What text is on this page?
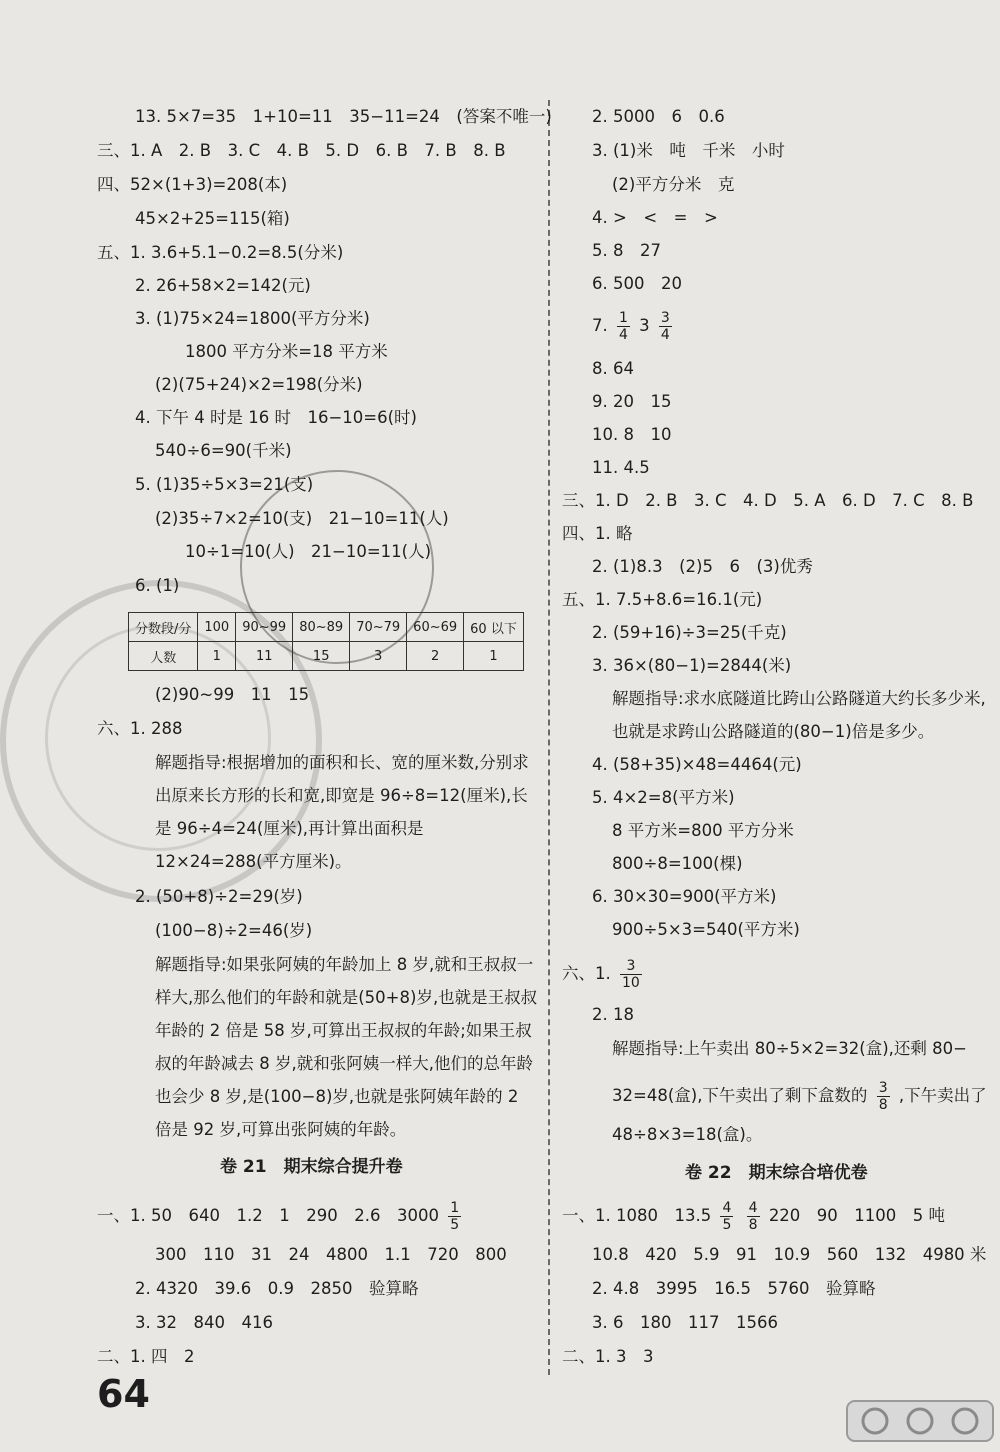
13. 5×7=35　1+10=11　35−11=24　(答案不唯一)
三、1. A　2. B　3. C　4. B　5. D　6. B　7. B　8. B
四、52×(1+3)=208(本)
45×2+25=115(箱)
五、1. 3.6+5.1−0.2=8.5(分米)
2. 26+58×2=142(元)
3. (1)75×24=1800(平方分米)
1800 平方分米=18 平方米
(2)(75+24)×2=198(分米)
4. 下午 4 时是 16 时　16−10=6(时)
540÷6=90(千米)
5. (1)35÷5×3=21(支)
(2)35÷7×2=10(支)　21−10=11(人)
10÷1=10(人)　21−10=11(人)
6. (1)
分数段/分	100	90~99	80~89	70~79	60~69	60 以下
人数	1	11	15	3	2	1
(2)90~99　11　15
六、1. 288
解题指导:根据增加的面积和长、宽的厘米数,分别求出原来长方形的长和宽,即宽是 96÷8=12(厘米),长是 96÷4=24(厘米),再计算出面积是 12×24=288(平方厘米)。
2. (50+8)÷2=29(岁)
(100−8)÷2=46(岁)
解题指导:如果张阿姨的年龄加上 8 岁,就和王叔叔一样大,那么他们的年龄和就是(50+8)岁,也就是王叔叔年龄的 2 倍是 58 岁,可算出王叔叔的年龄;如果王叔叔的年龄减去 8 岁,就和张阿姨一样大,他们的总年龄也会少 8 岁,是(100−8)岁,也就是张阿姨年龄的 2 倍是 92 岁,可算出张阿姨的年龄。
卷 21　期末综合提升卷
一、1. 50　640　1.2　1　290　2.6　$3000 \frac{1}{5}$
300　110　31　24　4800　1.1　720　800
2. 4320　39.6　0.9　2850　验算略
3. 32　840　416
二、1. 四　2
64
2. 5000　6　0.6
3. (1)米　吨　千米　小时
(2)平方分米　克
4. >　<　=　>
5. 8　27
6. 500　20
7. $\frac{1}{4} 3 \frac{3}{4}$
8. 64
9. 20　15
10. 8　10
11. 4.5
三、1. D　2. B　3. C　4. D　5. A　6. D　7. C　8. B
四、1. 略
2. (1)8.3　(2)5　6　(3)优秀
五、1. 7.5+8.6=16.1(元)
2. (59+16)÷3=25(千克)
3. 36×(80−1)=2844(米)
解题指导:求水底隧道比跨山公路隧道大约长多少米,
也就是求跨山公路隧道的(80−1)倍是多少。
4. (58+35)×48=4464(元)
5. 4×2=8(平方米)
8 平方米=800 平方分米
800÷8=100(棵)
6. 30×30=900(平方米)
900÷5×3=540(平方米)
六、1. $\frac{3}{10}$
2. 18
解题指导:上午卖出 80÷5×2=32(盒),还剩 80−
32=48(盒),下午卖出了剩下盒数的 $\frac{3}{8}$ ,下午卖出了
48÷8×3=18(盒)。
卷 22　期末综合培优卷
一、1. 1080　$13.5 \frac{4}{5}$
$\frac{4}{8} 220$　90　1100　5 吨
10.8　420　5.9　91　10.9　560　132　4980 米
2. 4.8　3995　16.5　5760　验算略
3. 6　180　117　1566
二、1. 3　3
